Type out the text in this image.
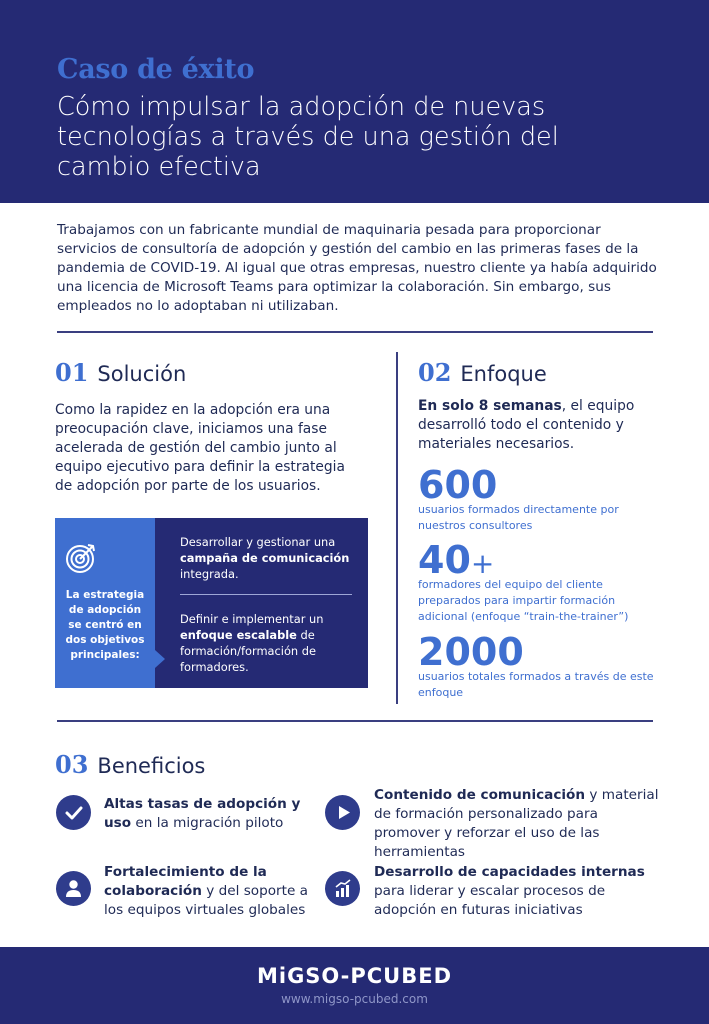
Caso de éxito
Cómo impulsar la adopción de nuevas tecnologías a través de una gestión del cambio efectiva
Trabajamos con un fabricante mundial de maquinaria pesada para proporcionar servicios de consultoría de adopción y gestión del cambio en las primeras fases de la pandemia de COVID-19. Al igual que otras empresas, nuestro cliente ya había adquirido una licencia de Microsoft Teams para optimizar la colaboración. Sin embargo, sus empleados no lo adoptaban ni utilizaban.
01 Solución
Como la rapidez en la adopción era una preocupación clave, iniciamos una fase acelerada de gestión del cambio junto al equipo ejecutivo para definir la estrategia de adopción por parte de los usuarios.
La estrategia de adopción se centró en dos objetivos principales:
Desarrollar y gestionar una campaña de comunicación integrada.
Definir e implementar un enfoque escalable de formación/formación de formadores.
02 Enfoque
En solo 8 semanas, el equipo desarrolló todo el contenido y materiales necesarios.
600
usuarios formados directamente por nuestros consultores
40+
formadores del equipo del cliente preparados para impartir formación adicional (enfoque “train-the-trainer”)
2000
usuarios totales formados a través de este enfoque
03 Beneficios
Altas tasas de adopción y uso en la migración piloto
Contenido de comunicación y material de formación personalizado para promover y reforzar el uso de las herramientas
Fortalecimiento de la colaboración y del soporte a los equipos virtuales globales
Desarrollo de capacidades internas para liderar y escalar procesos de adopción en futuras iniciativas
MiGSO-PCUBED
www.migso-pcubed.com
